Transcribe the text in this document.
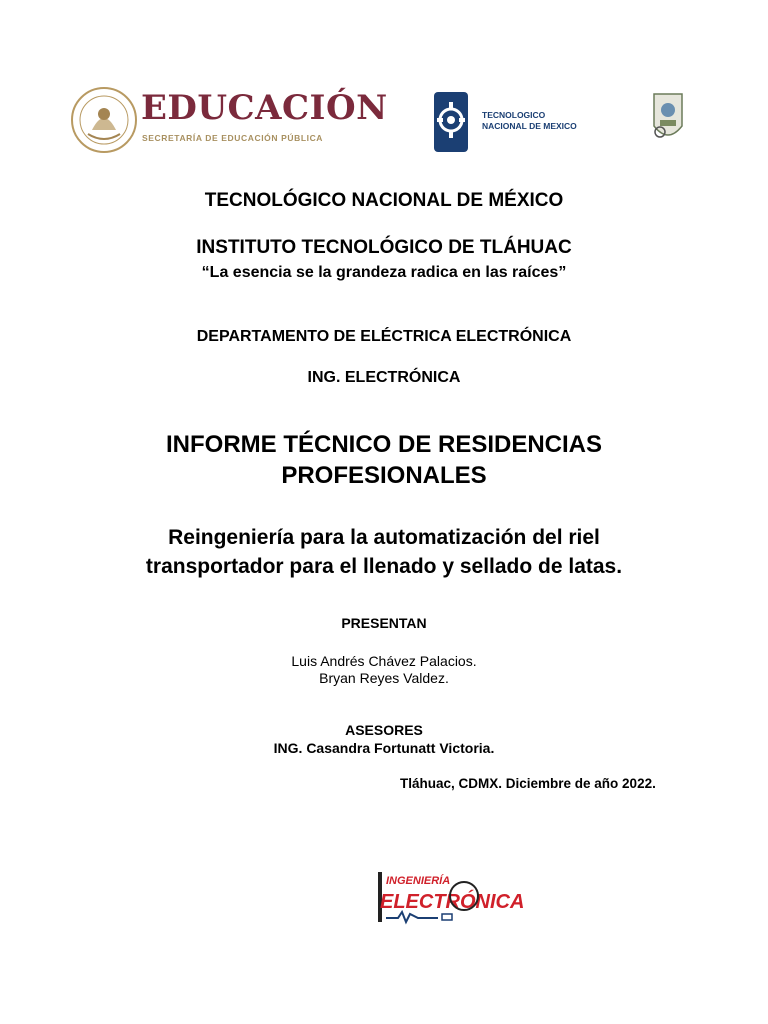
EDUCACIÓN
SECRETARÍA DE EDUCACIÓN PÚBLICA
TECNOLOGICO
NACIONAL DE MEXICO
TECNOLÓGICO NACIONAL DE MÉXICO
INSTITUTO TECNOLÓGICO DE TLÁHUAC
“La esencia se la grandeza radica en las raíces”
DEPARTAMENTO DE ELÉCTRICA ELECTRÓNICA
ING. ELECTRÓNICA
INFORME TÉCNICO DE RESIDENCIAS
PROFESIONALES
Reingeniería para la automatización del riel
transportador para el llenado y sellado de latas.
PRESENTAN
Luis Andrés Chávez Palacios.
Bryan Reyes Valdez.
ASESORES
ING. Casandra Fortunatt Victoria.
Tláhuac, CDMX. Diciembre de año 2022.
INGENIERÍA
ELECTRÓNICA
